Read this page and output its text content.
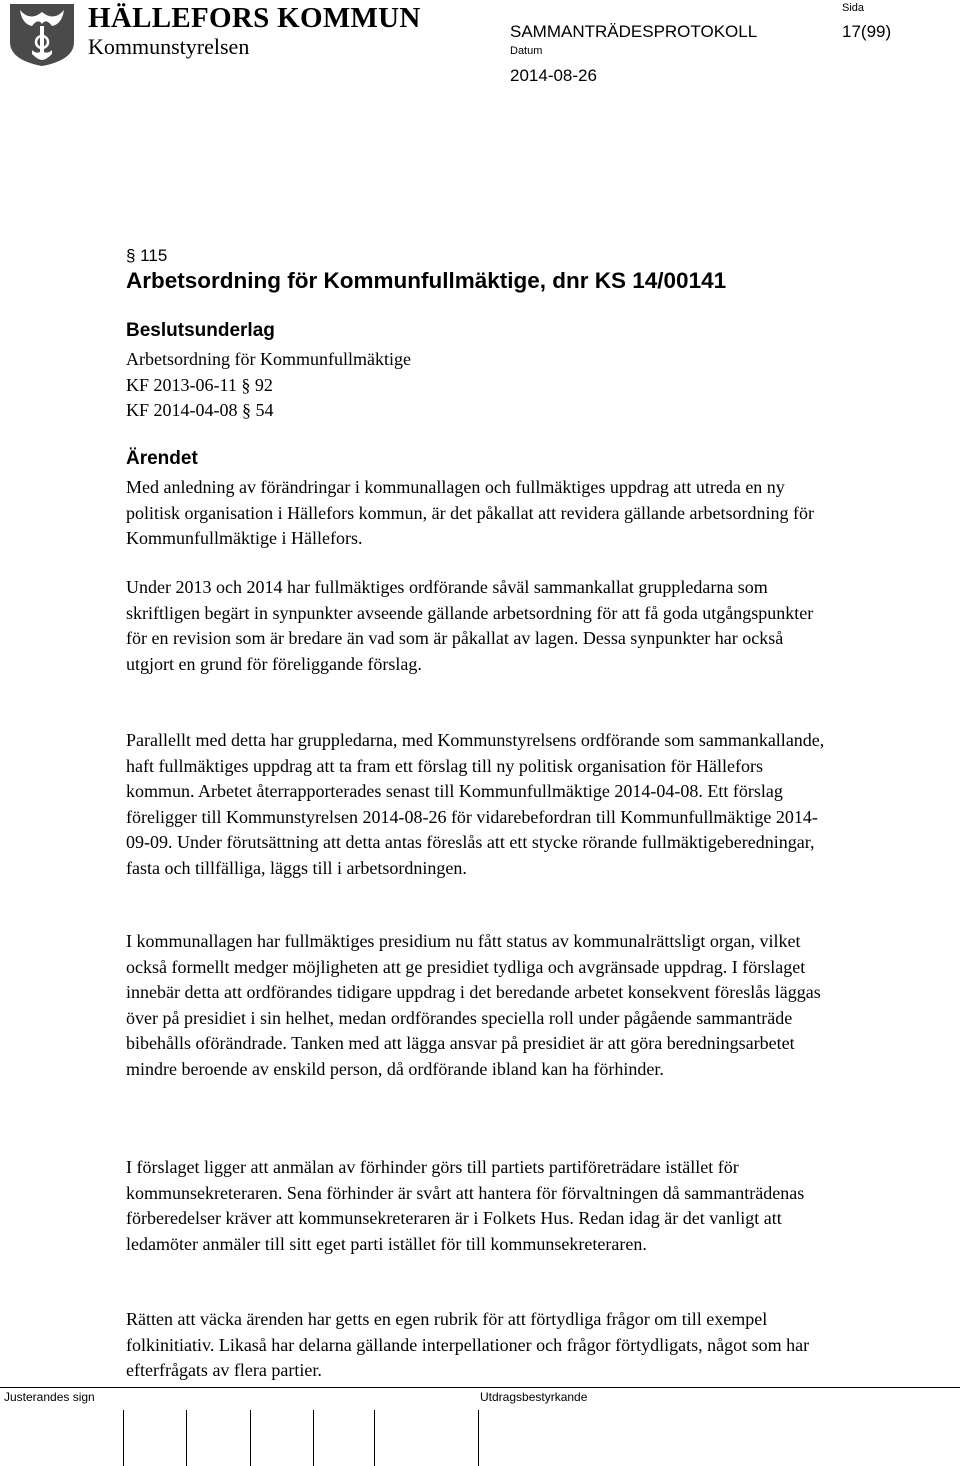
HÄLLEFORS KOMMUN
Kommunstyrelsen
SAMMANTRÄDESPROTOKOLL
Sida
17(99)
Datum
2014-08-26
§ 115
Arbetsordning för Kommunfullmäktige, dnr KS 14/00141
Beslutsunderlag

Arbetsordning för Kommunfullmäktige

KF 2013-06-11 § 92

KF 2014-04-08 § 54

Ärendet
Med anledning av förändringar i kommunallagen och fullmäktiges uppdrag att utreda en ny politisk organisation i Hällefors kommun, är det påkallat att revidera gällande arbetsordning för Kommunfullmäktige i Hällefors.
Under 2013 och 2014 har fullmäktiges ordförande såväl sammankallat gruppledarna som skriftligen begärt in synpunkter avseende gällande arbetsordning för att få goda utgångspunkter för en revision som är bredare än vad som är påkallat av lagen. Dessa synpunkter har också utgjort en grund för föreliggande förslag.
Parallellt med detta har gruppledarna, med Kommunstyrelsens ordförande som sammankallande, haft fullmäktiges uppdrag att ta fram ett förslag till ny politisk organisation för Hällefors kommun. Arbetet återrapporterades senast till Kommunfullmäktige 2014-04-08. Ett förslag föreligger till Kommunstyrelsen 2014-08-26 för vidarebefordran till Kommunfullmäktige 2014-09-09. Under förutsättning att detta antas föreslås att ett stycke rörande fullmäktigeberedningar, fasta och tillfälliga, läggs till i arbetsordningen.
I kommunallagen har fullmäktiges presidium nu fått status av kommunalrättsligt organ, vilket också formellt medger möjligheten att ge presidiet tydliga och avgränsade uppdrag. I förslaget innebär detta att ordförandes tidigare uppdrag i det beredande arbetet konsekvent föreslås läggas över på presidiet i sin helhet, medan ordförandes speciella roll under pågående sammanträde bibehålls oförändrade. Tanken med att lägga ansvar på presidiet är att göra beredningsarbetet mindre beroende av enskild person, då ordförande ibland kan ha förhinder.
I förslaget ligger att anmälan av förhinder görs till partiets partiföreträdare istället för kommunsekreteraren. Sena förhinder är svårt att hantera för förvaltningen då sammanträdenas förberedelser kräver att kommunsekreteraren är i Folkets Hus. Redan idag är det vanligt att ledamöter anmäler till sitt eget parti istället för till kommunsekreteraren.
Rätten att väcka ärenden har getts en egen rubrik för att förtydliga frågor om till exempel folkinitiativ. Likaså har delarna gällande interpellationer och frågor förtydligats, något som har efterfrågats av flera partier.
Justerandes sign	Utdragsbestyrkande
